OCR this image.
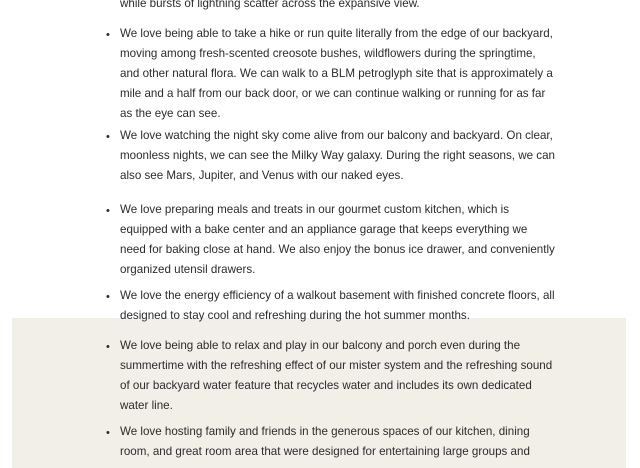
while bursts of lightning scatter across the expansive view.

• We love being able to take a hike or run quite literally from the edge of our backyard, moving among fresh-scented creosote bushes, wildflowers during the springtime, and other natural flora. We can walk to a BLM petroglyph site that is approximately a mile and a half from our back door, or we can continue walking or running for as far as the eye can see.

• We love watching the night sky come alive from our balcony and backyard. On clear, moonless nights, we can see the Milky Way galaxy. During the right seasons, we can also see Mars, Jupiter, and Venus with our naked eyes.

• We love preparing meals and treats in our gourmet custom kitchen, which is equipped with a bake center and an appliance garage that keeps everything we need for baking close at hand. We also enjoy the bonus ice drawer, and conveniently organized utensil drawers.

• We love the energy efficiency of a walkout basement with finished concrete floors, all designed to stay cool and refreshing during the hot summer months.

• We love being able to relax and play in our balcony and porch even during the summertime with the refreshing effect of our mister system and the refreshing sound of our backyard water feature that recycles water and includes its own dedicated water line.

• We love hosting family and friends in the generous spaces of our kitchen, dining room, and great room area that were designed for entertaining large groups and
